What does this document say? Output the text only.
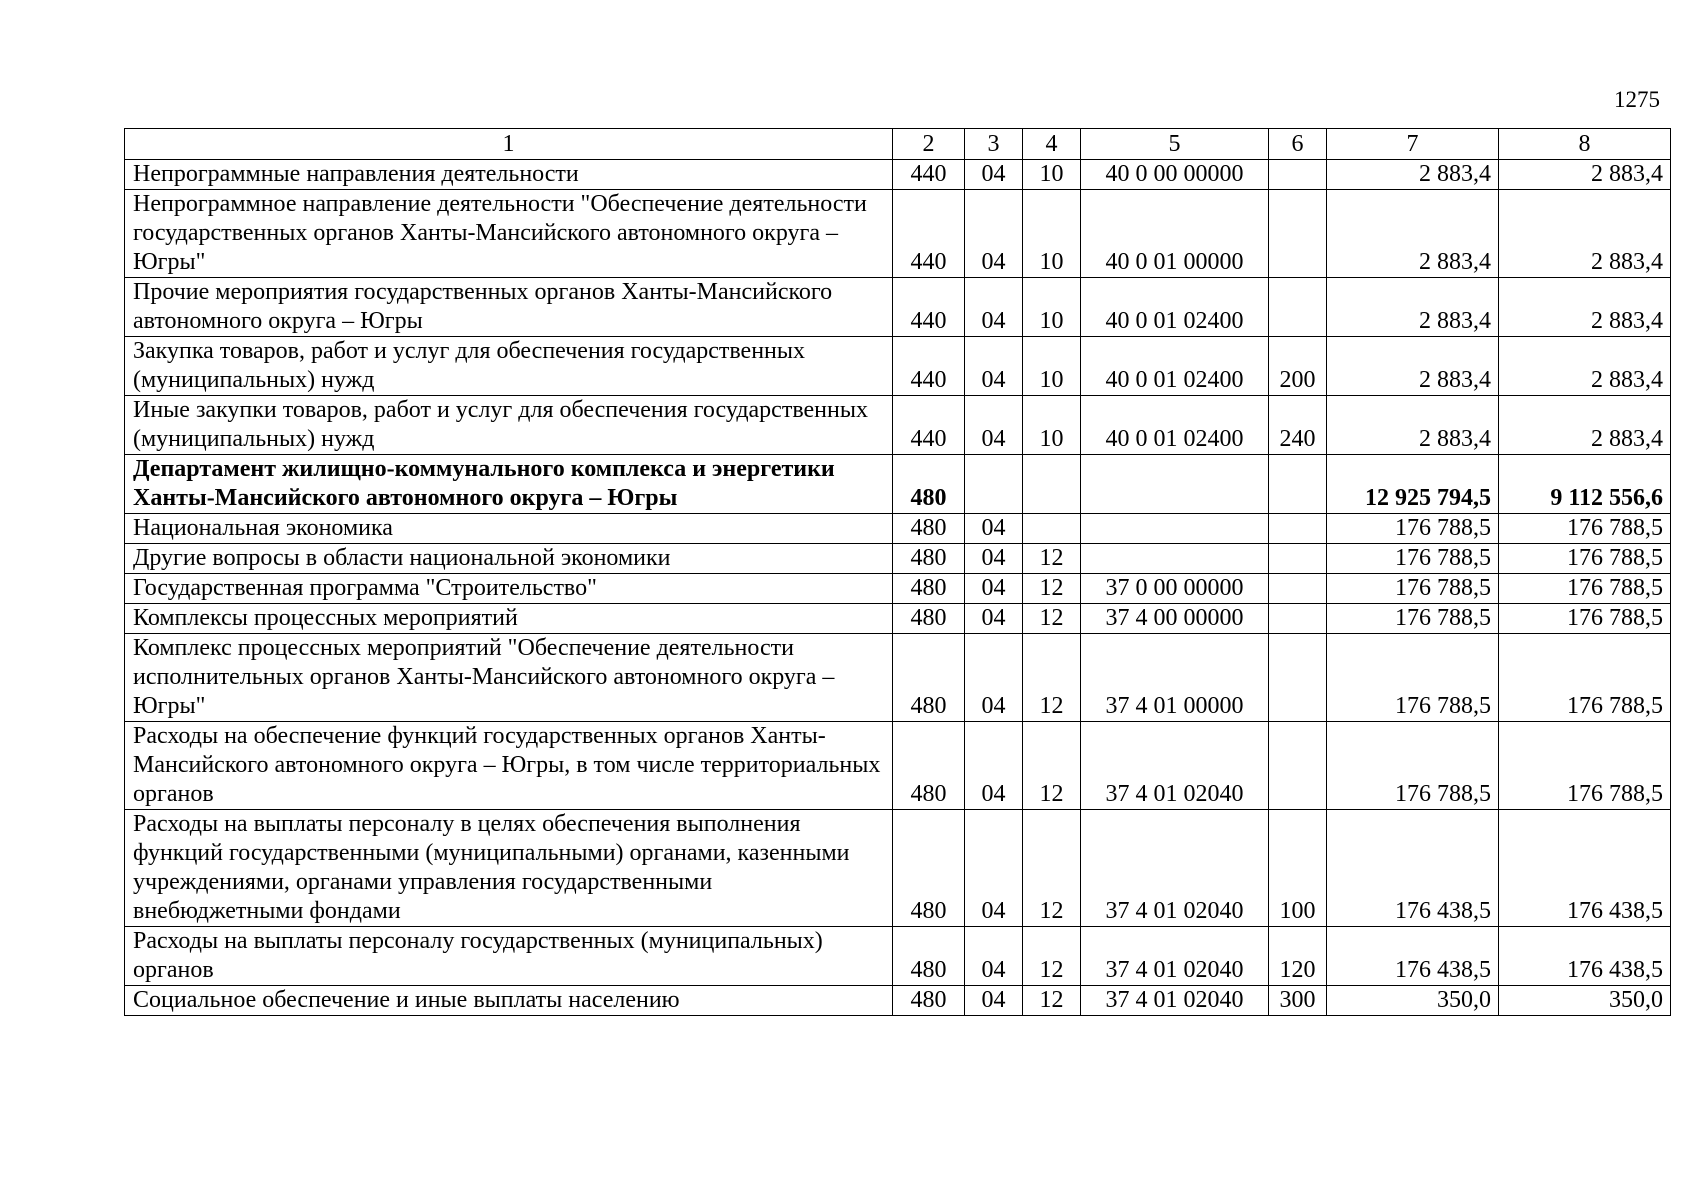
1275
1	2	3	4	5	6	7	8
Непрограммные направления деятельности	440	04	10	40 0 00 00000		2 883,4	2 883,4
Непрограммное направление деятельности "Обеспечение деятельности государственных органов Ханты-Мансийского автономного округа – Югры"	440	04	10	40 0 01 00000		2 883,4	2 883,4
Прочие мероприятия государственных органов Ханты-Мансийского автономного округа – Югры	440	04	10	40 0 01 02400		2 883,4	2 883,4
Закупка товаров, работ и услуг для обеспечения государственных (муниципальных) нужд	440	04	10	40 0 01 02400	200	2 883,4	2 883,4
Иные закупки товаров, работ и услуг для обеспечения государственных (муниципальных) нужд	440	04	10	40 0 01 02400	240	2 883,4	2 883,4
Департамент жилищно-коммунального комплекса и энергетики Ханты-Мансийского автономного округа – Югры	480					12 925 794,5	9 112 556,6
Национальная экономика	480	04				176 788,5	176 788,5
Другие вопросы в области национальной экономики	480	04	12			176 788,5	176 788,5
Государственная программа "Строительство"	480	04	12	37 0 00 00000		176 788,5	176 788,5
Комплексы процессных мероприятий	480	04	12	37 4 00 00000		176 788,5	176 788,5
Комплекс процессных мероприятий "Обеспечение деятельности исполнительных органов Ханты-Мансийского автономного округа – Югры"	480	04	12	37 4 01 00000		176 788,5	176 788,5
Расходы на обеспечение функций государственных органов Ханты-Мансийского автономного округа – Югры, в том числе территориальных органов	480	04	12	37 4 01 02040		176 788,5	176 788,5
Расходы на выплаты персоналу в целях обеспечения выполнения функций государственными (муниципальными) органами, казенными учреждениями, органами управления государственными внебюджетными фондами	480	04	12	37 4 01 02040	100	176 438,5	176 438,5
Расходы на выплаты персоналу государственных (муниципальных) органов	480	04	12	37 4 01 02040	120	176 438,5	176 438,5
Социальное обеспечение и иные выплаты населению	480	04	12	37 4 01 02040	300	350,0	350,0
